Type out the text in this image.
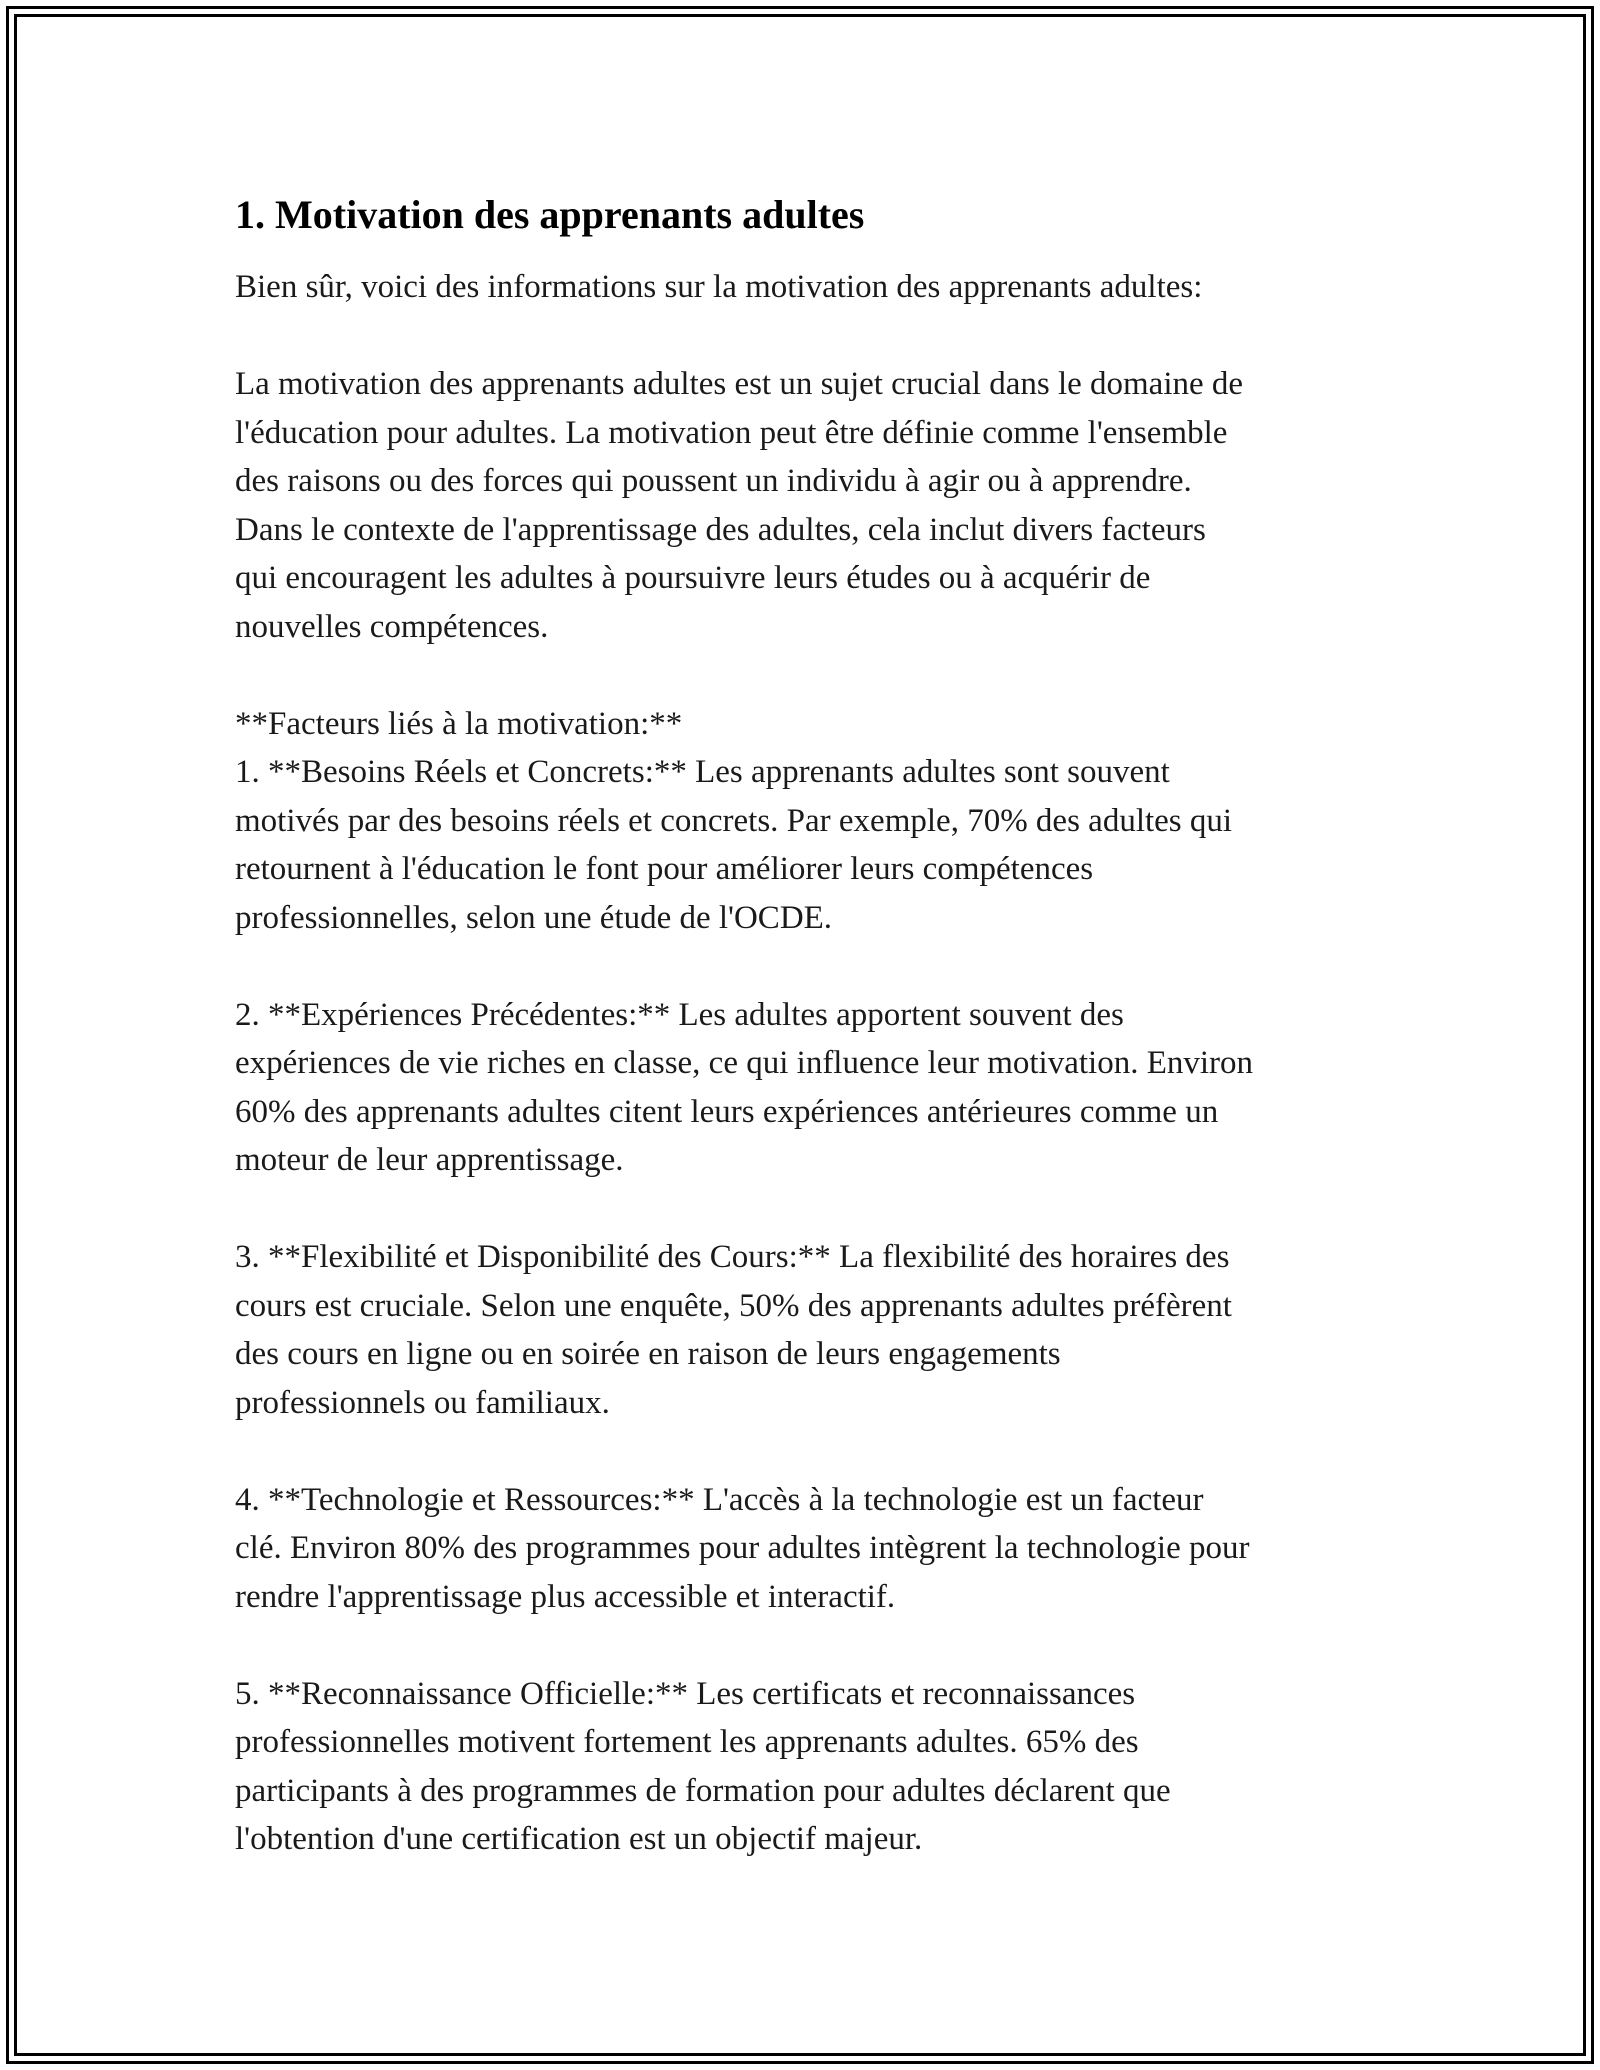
1. Motivation des apprenants adultes

Bien sûr, voici des informations sur la motivation des apprenants adultes:

La motivation des apprenants adultes est un sujet crucial dans le domaine de
l'éducation pour adultes. La motivation peut être définie comme l'ensemble
des raisons ou des forces qui poussent un individu à agir ou à apprendre.
Dans le contexte de l'apprentissage des adultes, cela inclut divers facteurs
qui encouragent les adultes à poursuivre leurs études ou à acquérir de
nouvelles compétences.

**Facteurs liés à la motivation:**

1. **Besoins Réels et Concrets:** Les apprenants adultes sont souvent
motivés par des besoins réels et concrets. Par exemple, 70% des adultes qui
retournent à l'éducation le font pour améliorer leurs compétences
professionnelles, selon une étude de l'OCDE.

2. **Expériences Précédentes:** Les adultes apportent souvent des
expériences de vie riches en classe, ce qui influence leur motivation. Environ
60% des apprenants adultes citent leurs expériences antérieures comme un
moteur de leur apprentissage.

3. **Flexibilité et Disponibilité des Cours:** La flexibilité des horaires des
cours est cruciale. Selon une enquête, 50% des apprenants adultes préfèrent
des cours en ligne ou en soirée en raison de leurs engagements
professionnels ou familiaux.

4. **Technologie et Ressources:** L'accès à la technologie est un facteur
clé. Environ 80% des programmes pour adultes intègrent la technologie pour
rendre l'apprentissage plus accessible et interactif.

5. **Reconnaissance Officielle:** Les certificats et reconnaissances
professionnelles motivent fortement les apprenants adultes. 65% des
participants à des programmes de formation pour adultes déclarent que
l'obtention d'une certification est un objectif majeur.
